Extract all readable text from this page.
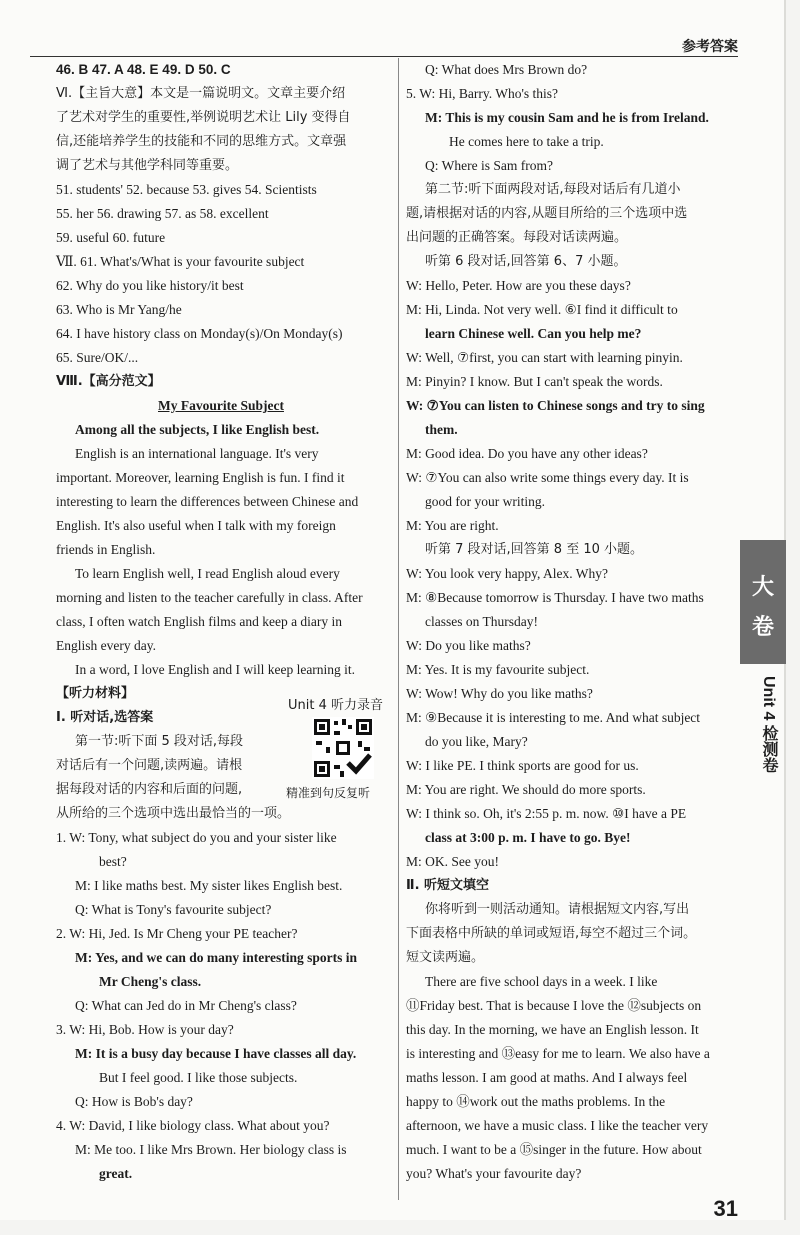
参考答案
46. B 47. A 48. E 49. D 50. C
Ⅵ.【主旨大意】本文是一篇说明文。文章主要介绍
了艺术对学生的重要性,举例说明艺术让 Lily 变得自
信,还能培养学生的技能和不同的思维方式。文章强
调了艺术与其他学科同等重要。
51. students' 52. because 53. gives 54. Scientists
55. her 56. drawing 57. as 58. excellent
59. useful 60. future
Ⅶ. 61. What's/What is your favourite subject
62. Why do you like history/it best
63. Who is Mr Yang/he
64. I have history class on Monday(s)/On Monday(s)
65. Sure/OK/...
Ⅷ.【高分范文】
My Favourite Subject
Among all the subjects, I like English best.
English is an international language. It's very
important. Moreover, learning English is fun. I find it
interesting to learn the differences between Chinese and
English. It's also useful when I talk with my foreign
friends in English.
To learn English well, I read English aloud every
morning and listen to the teacher carefully in class. After
class, I often watch English films and keep a diary in
English every day.
In a word, I love English and I will keep learning it.
【听力材料】
Ⅰ. 听对话,选答案
第一节:听下面 5 段对话,每段
对话后有一个问题,读两遍。请根
据每段对话的内容和后面的问题,
从所给的三个选项中选出最恰当的一项。
1. W: Tony, what subject do you and your sister like
best?
M: I like maths best. My sister likes English best.
Q: What is Tony's favourite subject?
2. W: Hi, Jed. Is Mr Cheng your PE teacher?
M: Yes, and we can do many interesting sports in
Mr Cheng's class.
Q: What can Jed do in Mr Cheng's class?
3. W: Hi, Bob. How is your day?
M: It is a busy day because I have classes all day.
But I feel good. I like those subjects.
Q: How is Bob's day?
4. W: David, I like biology class. What about you?
M: Me too. I like Mrs Brown. Her biology class is
great.
Unit 4 听力录音
精准到句反复听
Q: What does Mrs Brown do?
5. W: Hi, Barry. Who's this?
M: This is my cousin Sam and he is from Ireland.
He comes here to take a trip.
Q: Where is Sam from?
第二节:听下面两段对话,每段对话后有几道小
题,请根据对话的内容,从题目所给的三个选项中选
出问题的正确答案。每段对话读两遍。
听第 6 段对话,回答第 6、7 小题。
W: Hello, Peter. How are you these days?
M: Hi, Linda. Not very well. ⑥I find it difficult to
learn Chinese well. Can you help me?
W: Well, ⑦first, you can start with learning pinyin.
M: Pinyin? I know. But I can't speak the words.
W: ⑦You can listen to Chinese songs and try to sing
them.
M: Good idea. Do you have any other ideas?
W: ⑦You can also write some things every day. It is
good for your writing.
M: You are right.
听第 7 段对话,回答第 8 至 10 小题。
W: You look very happy, Alex. Why?
M: ⑧Because tomorrow is Thursday. I have two maths
classes on Thursday!
W: Do you like maths?
M: Yes. It is my favourite subject.
W: Wow! Why do you like maths?
M: ⑨Because it is interesting to me. And what subject
do you like, Mary?
W: I like PE. I think sports are good for us.
M: You are right. We should do more sports.
W: I think so. Oh, it's 2:55 p. m. now. ⑩I have a PE
class at 3:00 p. m. I have to go. Bye!
M: OK. See you!
Ⅱ. 听短文填空
你将听到一则活动通知。请根据短文内容,写出
下面表格中所缺的单词或短语,每空不超过三个词。
短文读两遍。
There are five school days in a week. I like
⑪Friday best. That is because I love the ⑫subjects on
this day. In the morning, we have an English lesson. It
is interesting and ⑬easy for me to learn. We also have a
maths lesson. I am good at maths. And I always feel
happy to ⑭work out the maths problems. In the
afternoon, we have a music class. I like the teacher very
much. I want to be a ⑮singer in the future. How about
you? What's your favourite day?
大
卷
Unit 4 检测卷
31
